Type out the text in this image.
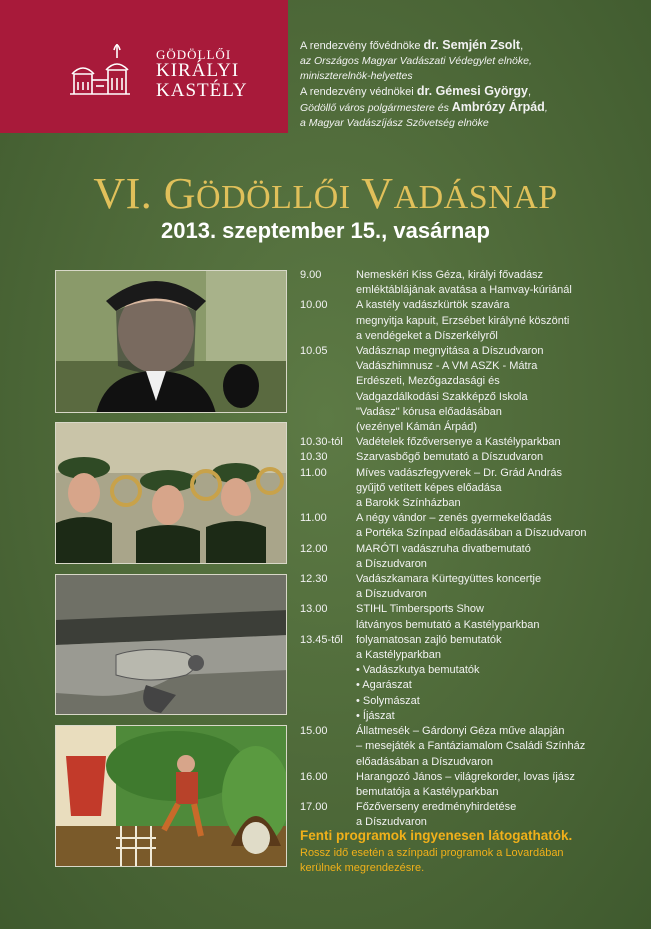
GÖDÖLLŐI
KIRÁLYI
KASTÉLY

A rendezvény fővédnöke dr. Semjén Zsolt,

az Országos Magyar Vadászati Védegylet elnöke,

miniszterelnök-helyettes

A rendezvény védnökei dr. Gémesi György,

Gödöllő város polgármestere és Ambrózy Árpád,

a Magyar Vadászíjász Szövetség elnöke

VI. GÖDÖLLŐI VADÁSNAP
2013. szeptember 15., vasárnap
9.00	Nemeskéri Kiss Géza, királyi fővadász
emléktáblájának avatása a Hamvay-kúriánál
10.00	A kastély vadászkürtök szavára
megnyitja kapuit, Erzsébet királyné köszönti
a vendégeket a Díszerkélyről
10.05	Vadásznap megnyitása a Díszudvaron
Vadászhimnusz - A VM ASZK - Mátra
Erdészeti, Mezőgazdasági és
Vadgazdálkodási Szakképző Iskola
"Vadász" kórusa előadásában
(vezényel Kámán Árpád)
10.30-tól	Vadételek főzőversenye a Kastélyparkban
10.30	Szarvasbőgő bemutató a Díszudvaron
11.00	Míves vadászfegyverek – Dr. Grád András
gyűjtő vetített képes előadása
a Barokk Színházban
11.00	A négy vándor – zenés gyermekelőadás
a Portéka Színpad előadásában a Díszudvaron
12.00	MARÓTI vadászruha divatbemutató
a Díszudvaron
12.30	Vadászkamara Kürtegyüttes koncertje
a Díszudvaron
13.00	STIHL Timbersports Show
látványos bemutató a Kastélyparkban
13.45-től	folyamatosan zajló bemutatók
a Kastélyparkban
• Vadászkutya bemutatók
• Agarászat
• Solymászat
• Íjászat
15.00	Állatmesék – Gárdonyi Géza műve alapján
– mesejáték a Fantáziamalom Családi Színház
előadásában a Díszudvaron
16.00	Harangozó János – világrekorder, lovas íjász
bemutatója a Kastélyparkban
17.00	Főzőverseny eredményhirdetése
a Díszudvaron
Fenti programok ingyenesen látogathatók.
Rossz idő esetén a színpadi programok a Lovardában
kerülnek megrendezésre.
